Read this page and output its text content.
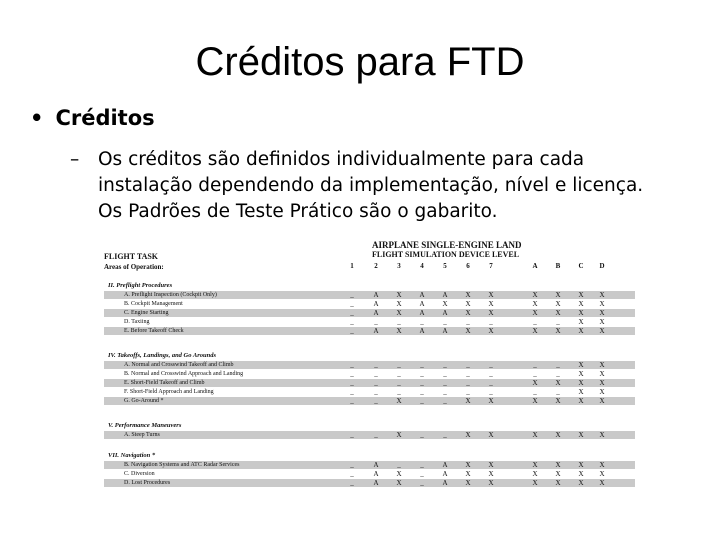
Créditos para FTD
• Créditos
–	Os créditos são definidos individualmente para cada instalação dependendo da implementação, nível e licença. Os Padrões de Teste Prático são o gabarito.
AIRPLANE SINGLE-ENGINE LAND
FLIGHT SIMULATION DEVICE LEVEL
FLIGHT TASK
Areas of Operation:	1	2	3	4	5	6	7	A	B	C	D
II. Preflight Procedures
A. Preflight Inspection (Cockpit Only)	_	A	X	A	A	X	X	X	X	X	X
B. Cockpit Management	_	A	X	A	X	X	X	X	X	X	X
C. Engine Starting	_	A	X	A	A	X	X	X	X	X	X
D. Taxiing	_	_	_	_	_	_	_	_	_	X	X
E. Before Takeoff Check	_	A	X	A	A	X	X	X	X	X	X
IV. Takeoffs, Landings, and Go Arounds
A. Normal and Crosswind Takeoff and Climb	_	_	_	_	_	_	_	_	_	X	X
B. Normal and Crosswind Approach and Landing	_	_	_	_	_	_	_	_	_	X	X
E. Short-Field Takeoff and Climb	_	_	_	_	_	_	_	X	X	X	X
F. Short-Field Approach and Landing	_	_	_	_	_	_	_	_	_	X	X
G. Go-Around *	_	_	X	_	_	X	X	X	X	X	X
V. Performance Maneuvers
A. Steep Turns	_	_	X	_	_	X	X	X	X	X	X
VII. Navigation *
B. Navigation Systems and ATC Radar Services	_	A	_	_	A	X	X	X	X	X	X
C. Diversion	_	A	X	_	A	X	X	X	X	X	X
D. Lost Procedures	_	A	X	_	A	X	X	X	X	X	X
